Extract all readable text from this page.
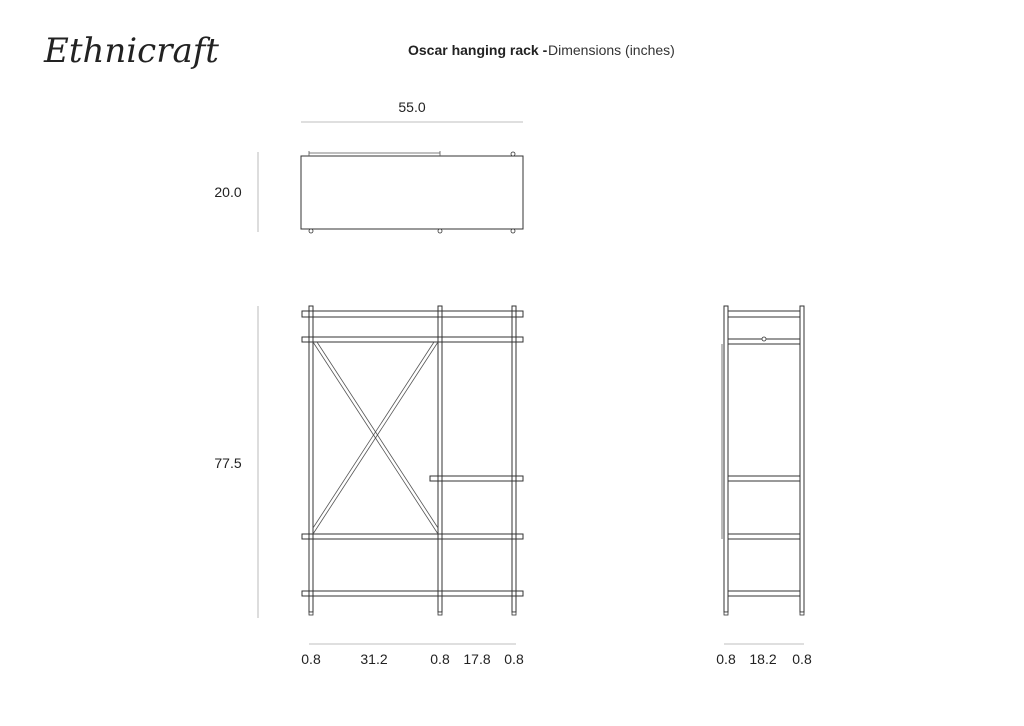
Ethnicraft	Oscar hanging rack - Dimensions (inches)
55.0
20.0
77.5
0.8	31.2	0.8 17.8 0.8	0.8 18.2 0.8
